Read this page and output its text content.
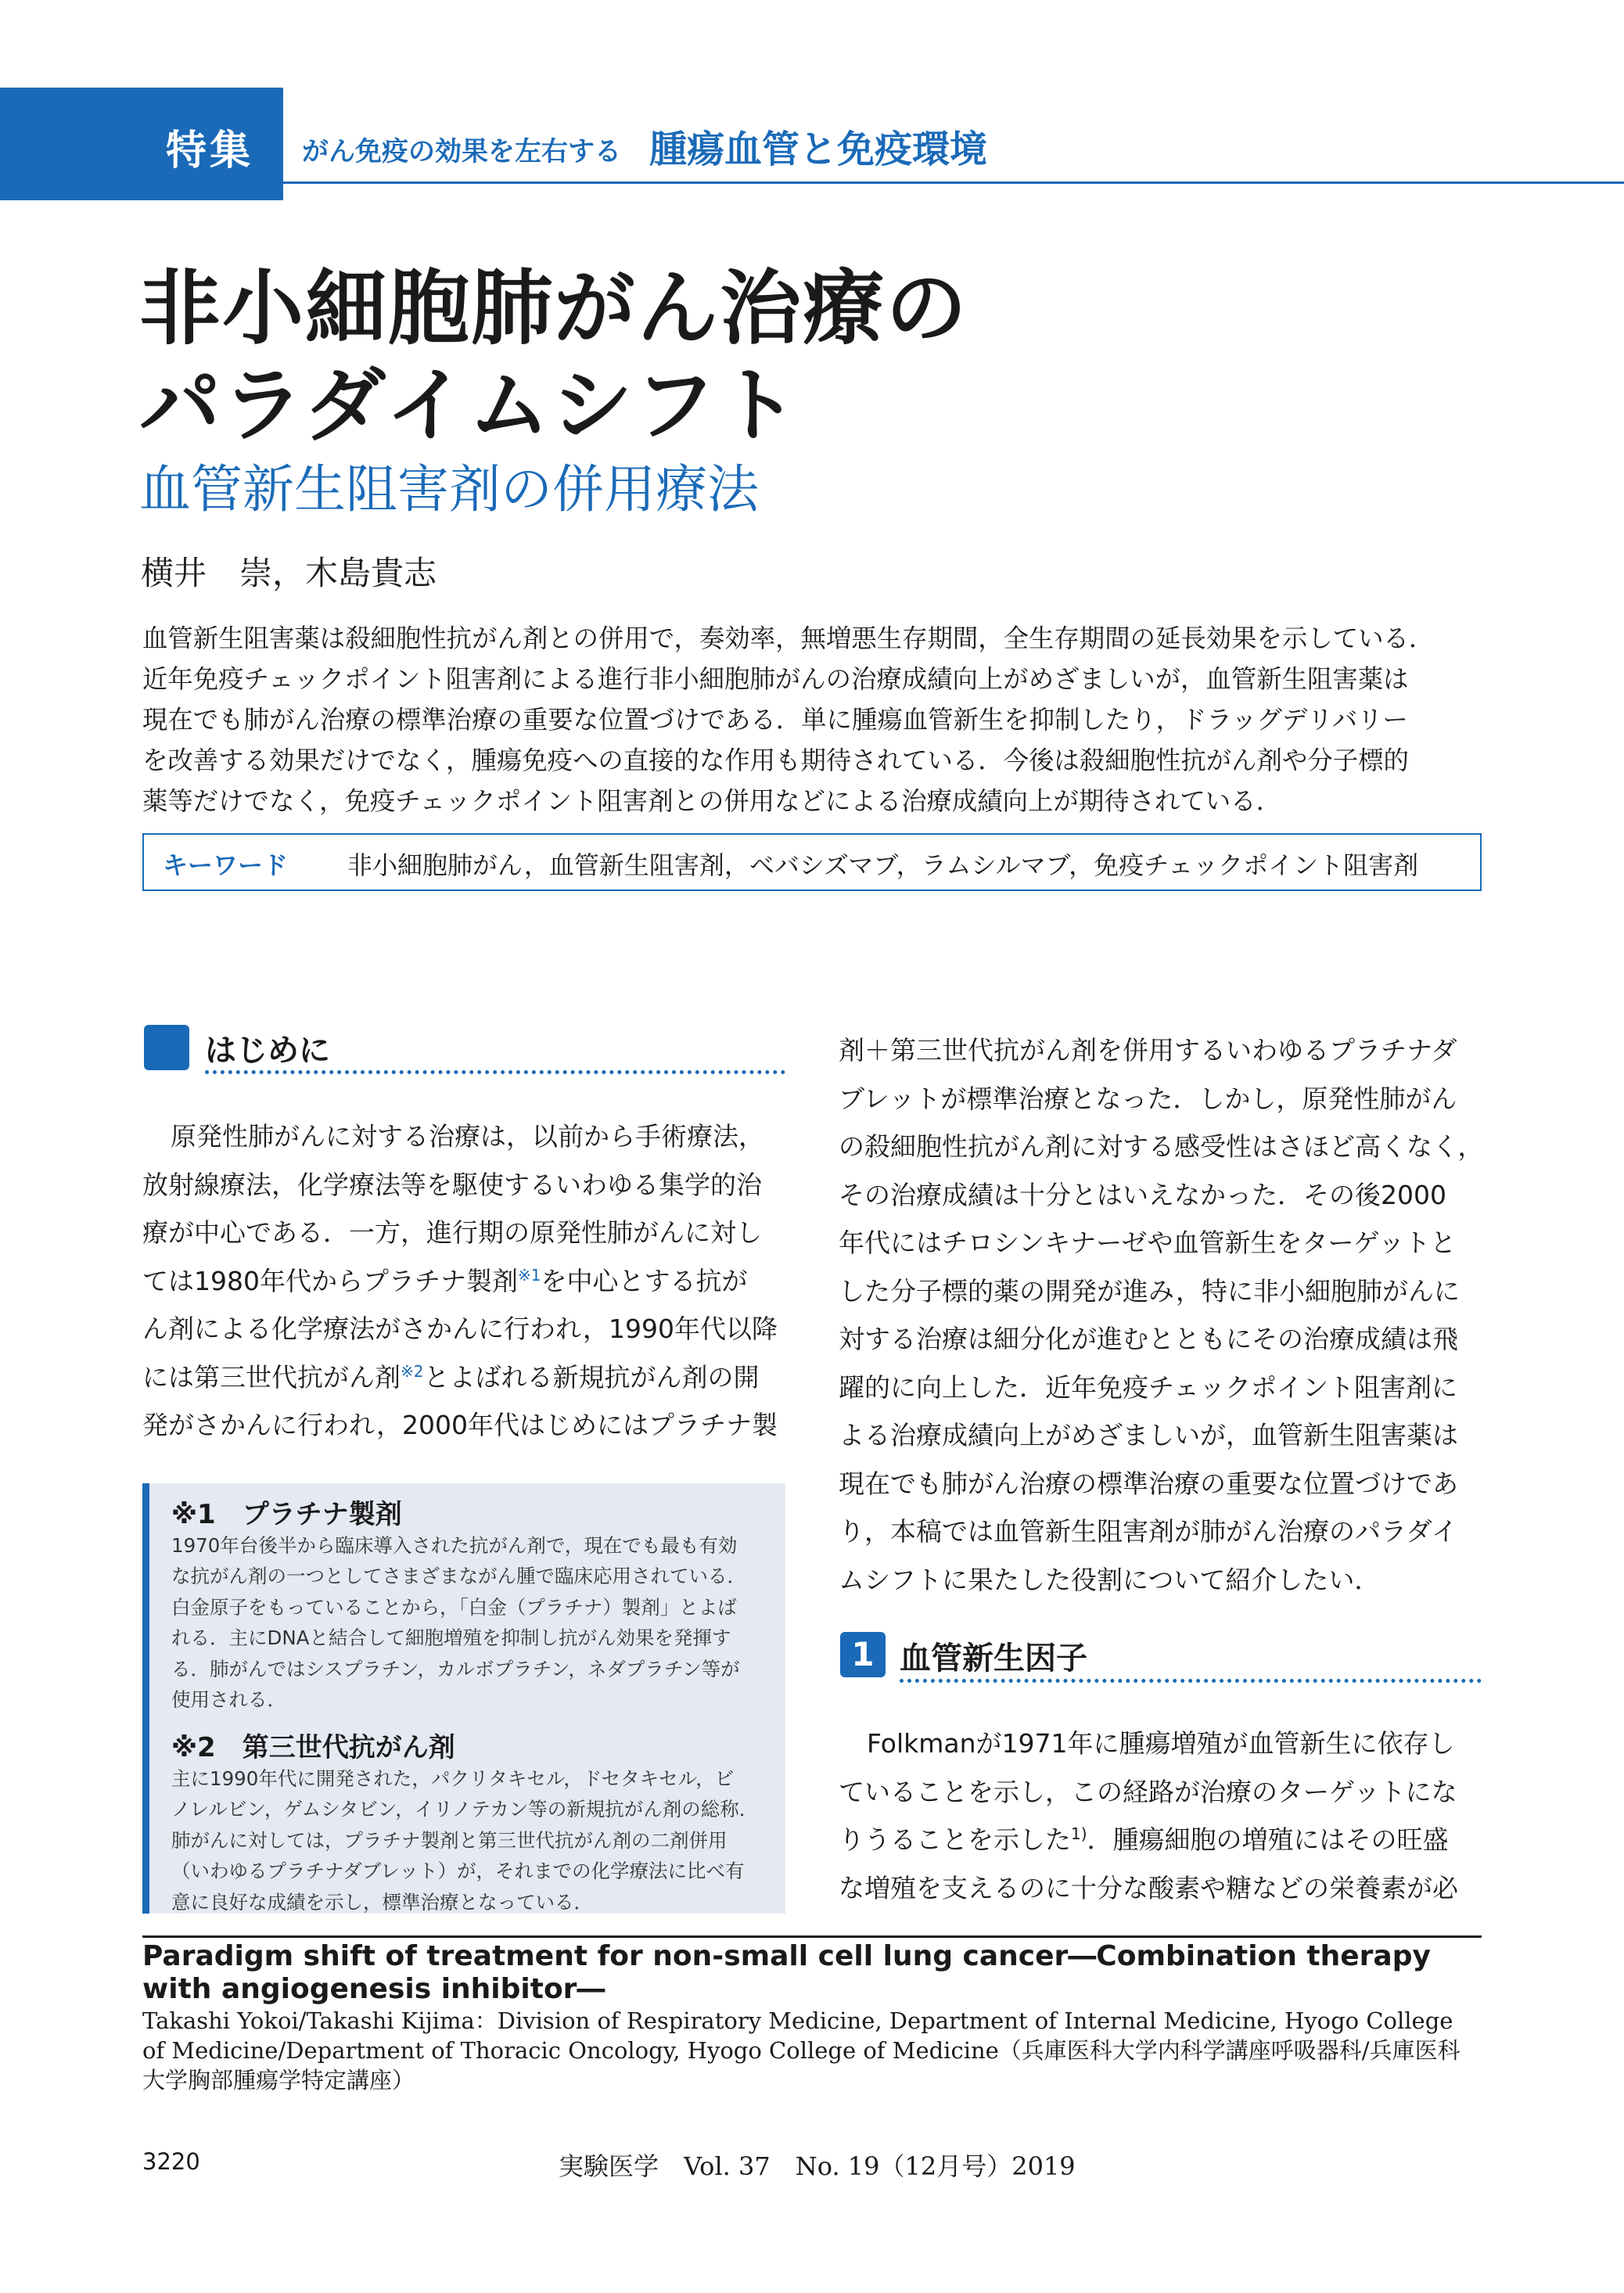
特集 がん免疫の効果を左右する 腫瘍血管と免疫環境
非小細胞肺がん治療の
パラダイムシフト
血管新生阻害剤の併用療法
横井　崇，木島貴志
血管新生阻害薬は殺細胞性抗がん剤との併用で，奏効率，無増悪生存期間，全生存期間の延長効果を示している．
近年免疫チェックポイント阻害剤による進行非小細胞肺がんの治療成績向上がめざましいが，血管新生阻害薬は
現在でも肺がん治療の標準治療の重要な位置づけである．単に腫瘍血管新生を抑制したり，ドラッグデリバリー
を改善する効果だけでなく，腫瘍免疫への直接的な作用も期待されている．今後は殺細胞性抗がん剤や分子標的
薬等だけでなく，免疫チェックポイント阻害剤との併用などによる治療成績向上が期待されている．
キーワード 非小細胞肺がん，血管新生阻害剤，ベバシズマブ，ラムシルマブ，免疫チェックポイント阻害剤
はじめに
原発性肺がんに対する治療は，以前から手術療法，
放射線療法，化学療法等を駆使するいわゆる集学的治
療が中心である．一方，進行期の原発性肺がんに対し
ては1980年代からプラチナ製剤$^{※1}$を中心とする抗が
ん剤による化学療法がさかんに行われ，1990年代以降
には第三世代抗がん剤$^{※2}$とよばれる新規抗がん剤の開
発がさかんに行われ，2000年代はじめにはプラチナ製
※1　プラチナ製剤
1970年台後半から臨床導入された抗がん剤で，現在でも最も有効
な抗がん剤の一つとしてさまざまながん腫で臨床応用されている．
白金原子をもっていることから，「白金（プラチナ）製剤」とよば
れる．主にDNAと結合して細胞増殖を抑制し抗がん効果を発揮す
る．肺がんではシスプラチン，カルボプラチン，ネダプラチン等が
使用される．
※2　第三世代抗がん剤
主に1990年代に開発された，パクリタキセル，ドセタキセル，ビ
ノレルビン，ゲムシタビン，イリノテカン等の新規抗がん剤の総称．
肺がんに対しては，プラチナ製剤と第三世代抗がん剤の二剤併用
（いわゆるプラチナダブレット）が，それまでの化学療法に比べ有
意に良好な成績を示し，標準治療となっている．
剤＋第三世代抗がん剤を併用するいわゆるプラチナダ
ブレットが標準治療となった．しかし，原発性肺がん
の殺細胞性抗がん剤に対する感受性はさほど高くなく，
その治療成績は十分とはいえなかった．その後2000
年代にはチロシンキナーゼや血管新生をターゲットと
した分子標的薬の開発が進み，特に非小細胞肺がんに
対する治療は細分化が進むとともにその治療成績は飛
躍的に向上した．近年免疫チェックポイント阻害剤に
よる治療成績向上がめざましいが，血管新生阻害薬は
現在でも肺がん治療の標準治療の重要な位置づけであ
り，本稿では血管新生阻害剤が肺がん治療のパラダイ
ムシフトに果たした役割について紹介したい．
1 血管新生因子
Folkmanが1971年に腫瘍増殖が血管新生に依存し
ていることを示し，この経路が治療のターゲットにな
りうることを示した$^{1)}$．腫瘍細胞の増殖にはその旺盛
な増殖を支えるのに十分な酸素や糖などの栄養素が必
Paradigm shift of treatment for non-small cell lung cancer―Combination therapy with angiogenesis inhibitor―
Takashi Yokoi/Takashi Kijima：Division of Respiratory Medicine, Department of Internal Medicine, Hyogo College of Medicine/Department of Thoracic Oncology, Hyogo College of Medicine（兵庫医科大学内科学講座呼吸器科/兵庫医科大学胸部腫瘍学特定講座）
3220	実験医学　Vol. 37　No. 19（12月号）2019
